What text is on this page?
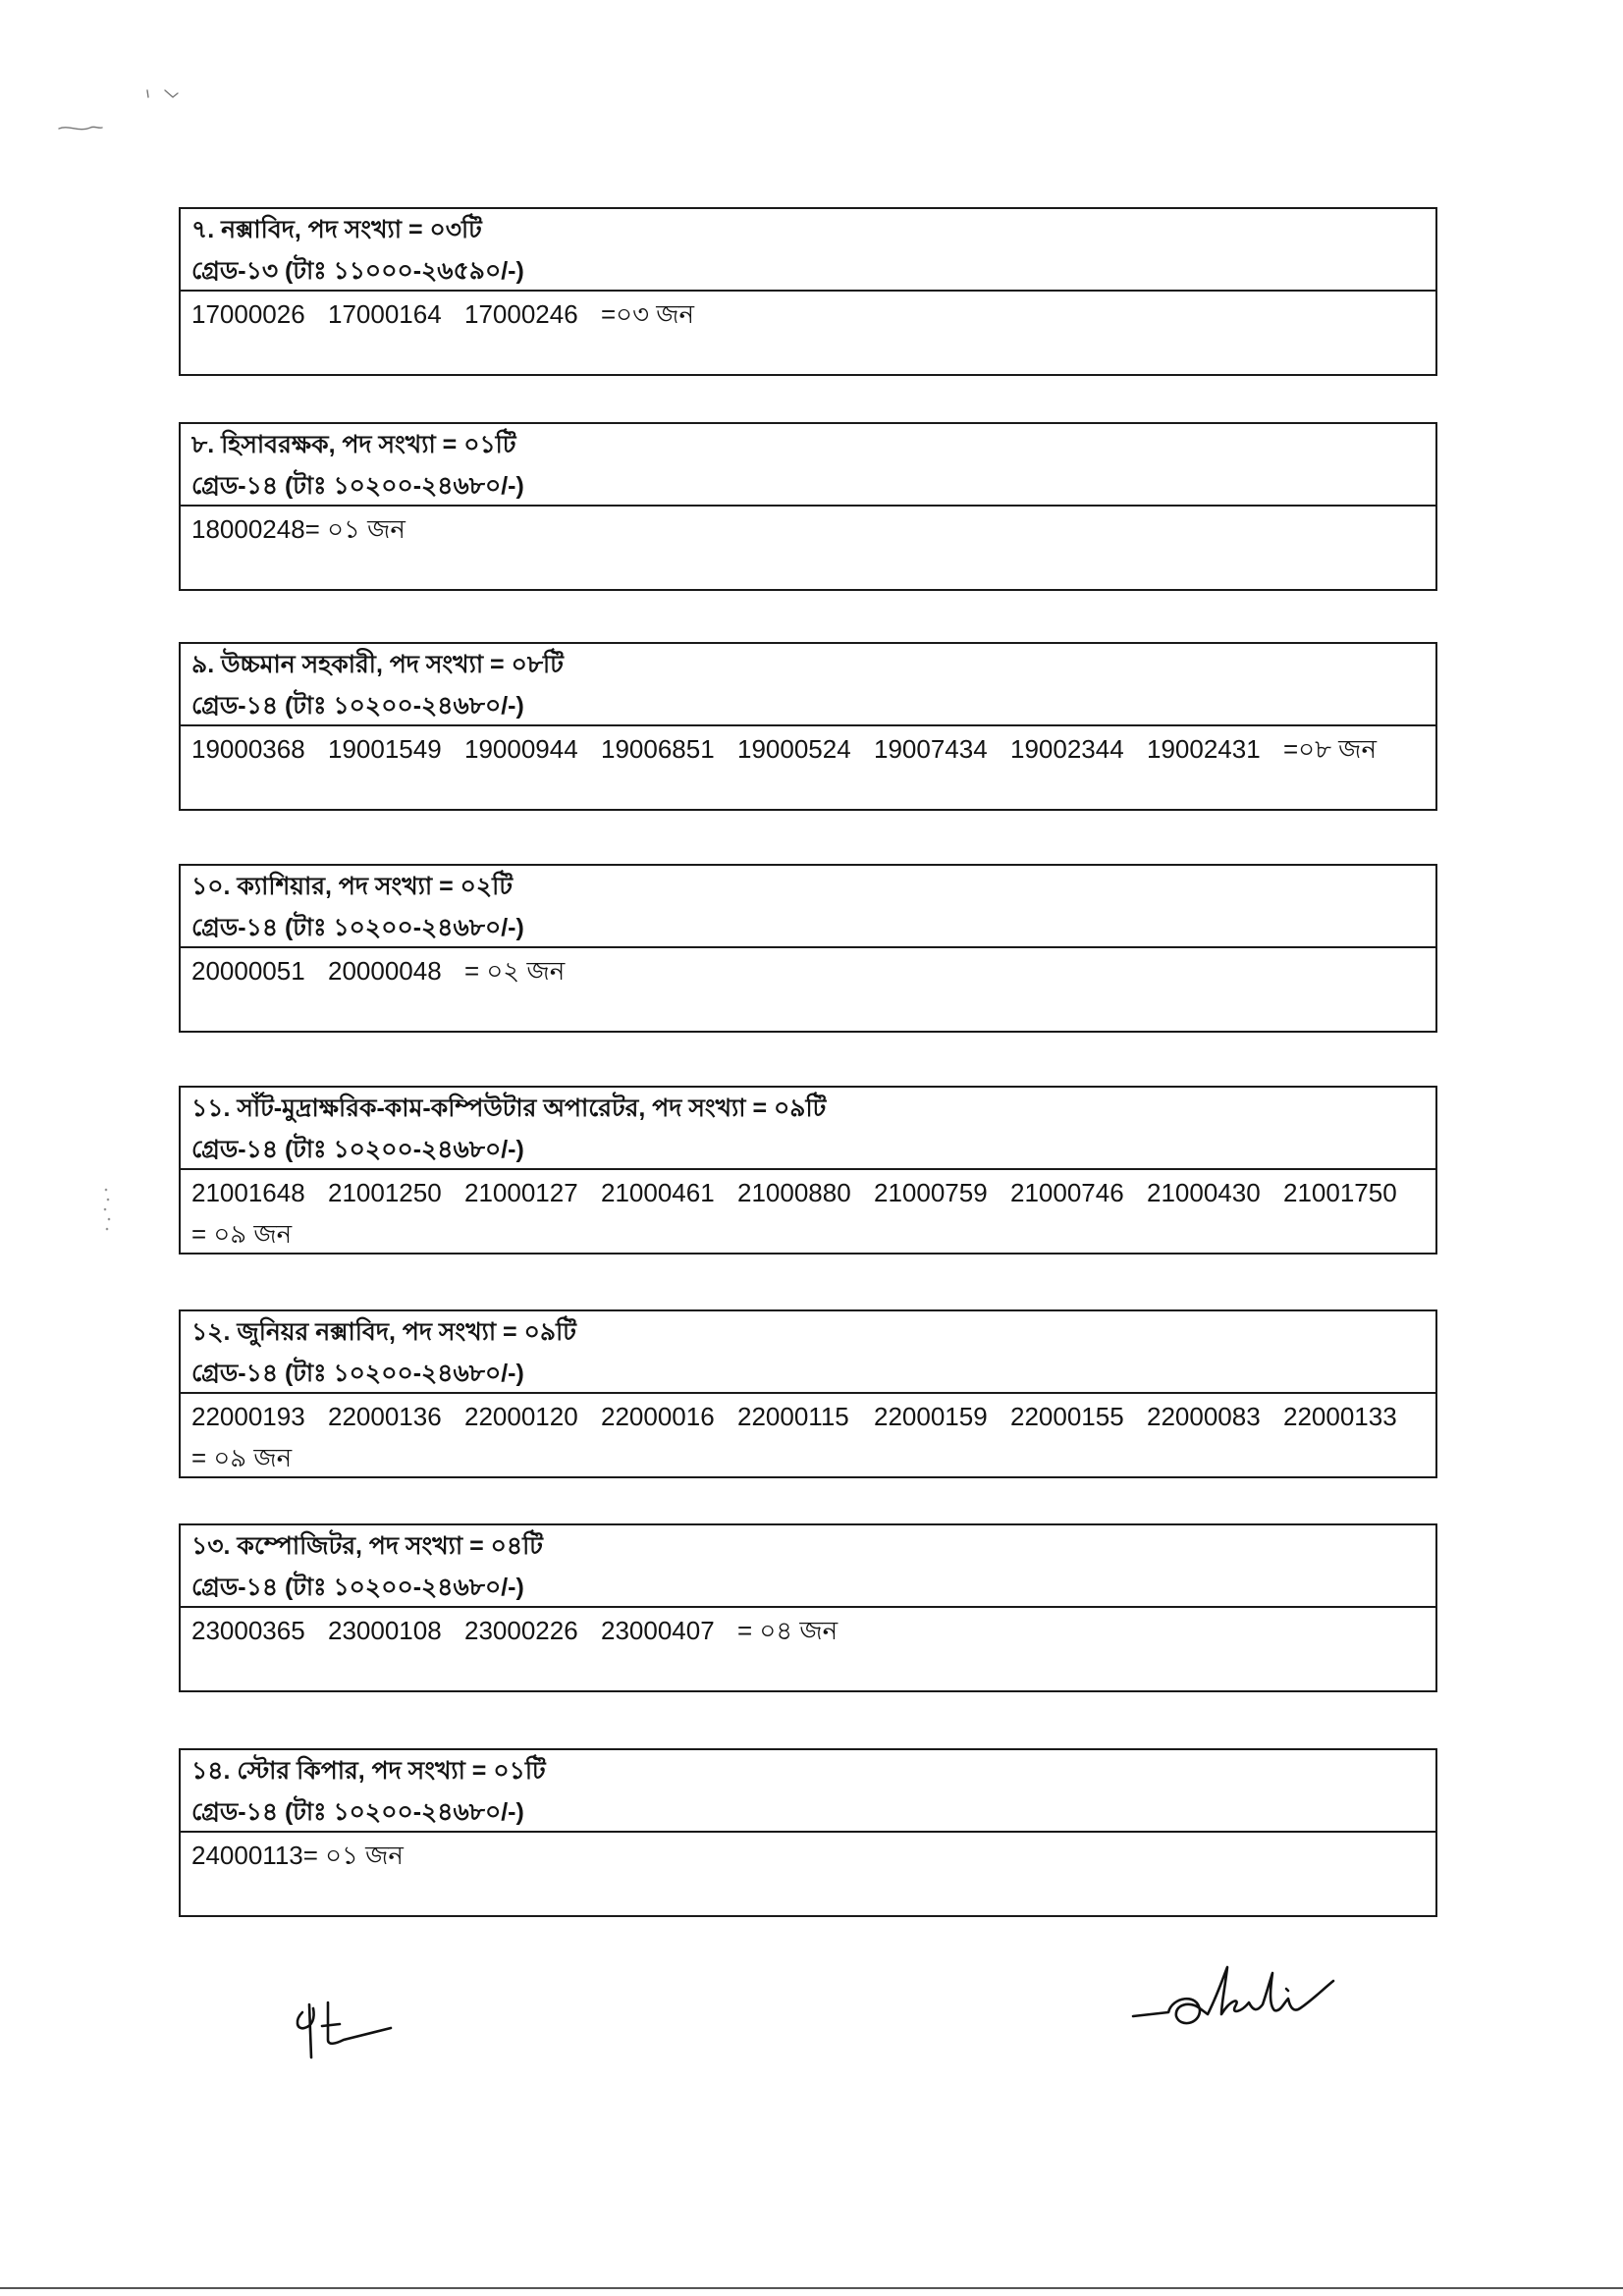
৭. নক্সাবিদ, পদ সংখ্যা = ০৩টি
গ্রেড-১৩ (টাঃ ১১০০০-২৬৫৯০/-)
17000026 17000164 17000246 =০৩ জন
৮. হিসাবরক্ষক, পদ সংখ্যা = ০১টি
গ্রেড-১৪ (টাঃ ১০২০০-২৪৬৮০/-)
18000248= ০১ জন
৯. উচ্চমান সহকারী, পদ সংখ্যা = ০৮টি
গ্রেড-১৪ (টাঃ ১০২০০-২৪৬৮০/-)
19000368 19001549 19000944 19006851 19000524 19007434 19002344 19002431 =০৮ জন
১০. ক্যাশিয়ার, পদ সংখ্যা = ০২টি
গ্রেড-১৪ (টাঃ ১০২০০-২৪৬৮০/-)
20000051 20000048 = ০২ জন
১১. সাঁট-মুদ্রাক্ষরিক-কাম-কম্পিউটার অপারেটর, পদ সংখ্যা = ০৯টি
গ্রেড-১৪ (টাঃ ১০২০০-২৪৬৮০/-)
21001648 21001250 21000127 21000461 21000880 21000759 21000746 21000430 21001750= ০৯ জন
১২. জুনিয়র নক্সাবিদ, পদ সংখ্যা = ০৯টি
গ্রেড-১৪ (টাঃ ১০২০০-২৪৬৮০/-)
22000193 22000136 22000120 22000016 22000115 22000159 22000155 22000083 22000133= ০৯ জন
১৩. কম্পোজিটর, পদ সংখ্যা = ০৪টি
গ্রেড-১৪ (টাঃ ১০২০০-২৪৬৮০/-)
23000365 23000108 23000226 23000407 = ০৪ জন
১৪. স্টোর কিপার, পদ সংখ্যা = ০১টি
গ্রেড-১৪ (টাঃ ১০২০০-২৪৬৮০/-)
24000113= ০১ জন
